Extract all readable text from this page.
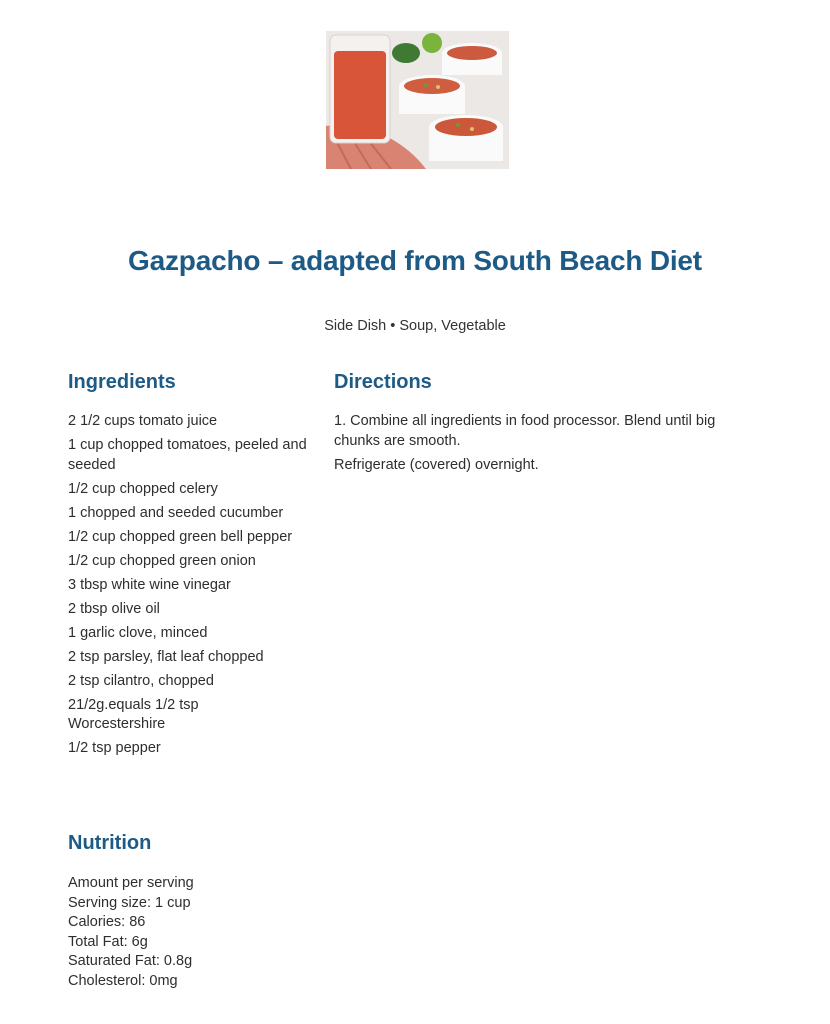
Gazpacho – adapted from South Beach Diet
Side Dish • Soup, Vegetable
Ingredients
2 1/2 cups tomato juice
1 cup chopped tomatoes, peeled and seeded
1/2 cup chopped celery
1 chopped and seeded cucumber
1/2 cup chopped green bell pepper
1/2 cup chopped green onion
3 tbsp white wine vinegar
2 tbsp olive oil
1 garlic clove, minced
2 tsp parsley, flat leaf chopped
2 tsp cilantro, chopped
21/2g.equals 1/2 tsp Worcestershire
1/2 tsp pepper
Directions

1. Combine all ingredients in food processor. Blend until big chunks are smooth.

Refrigerate (covered) overnight.

Nutrition
Amount per serving
Serving size: 1 cup
Calories: 86
Total Fat: 6g
Saturated Fat: 0.8g
Cholesterol: 0mg
